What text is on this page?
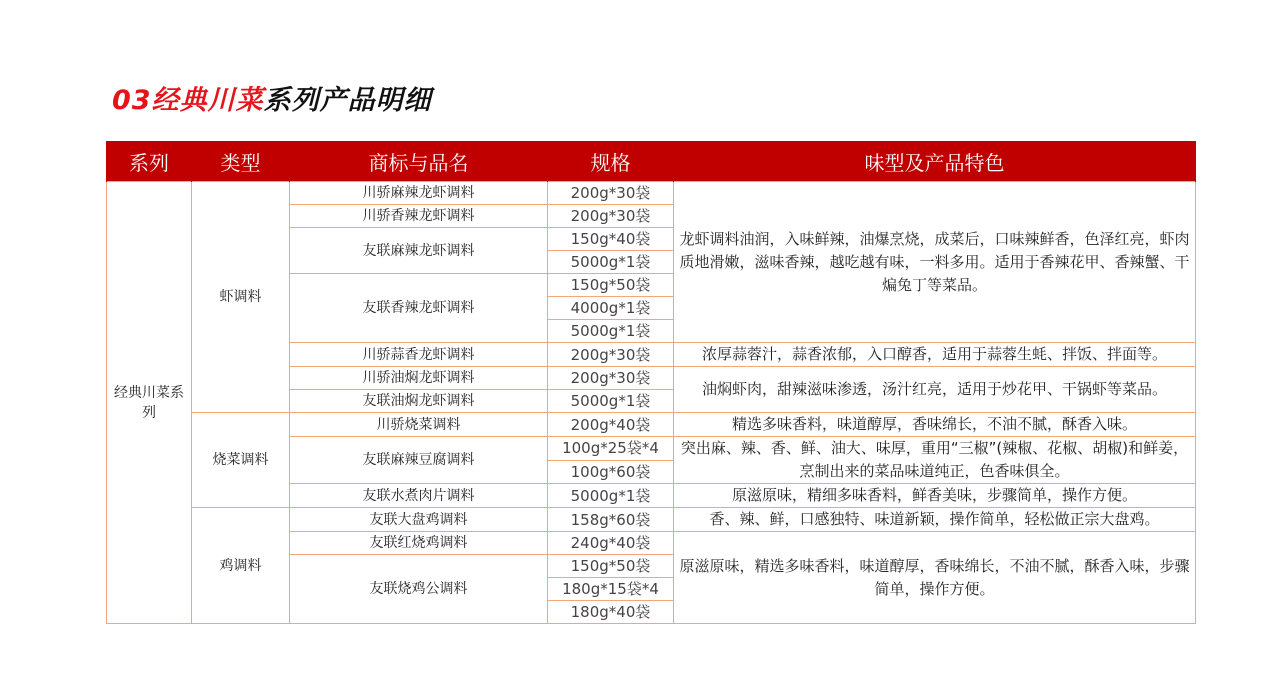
03经典川菜系列产品明细
系列	类型	商标与品名	规格	味型及产品特色
经典川菜系列	虾调料	川骄麻辣龙虾调料	200g*30袋	龙虾调料油润，入味鲜辣，油爆烹烧，成菜后，口味辣鲜香，色泽红亮，虾肉质地滑嫩，滋味香辣，越吃越有味，一料多用。适用于香辣花甲、香辣蟹、干煸兔丁等菜品。
		川骄香辣龙虾调料	200g*30袋	
		友联麻辣龙虾调料	150g*40袋	
			5000g*1袋	
		友联香辣龙虾调料	150g*50袋	
			4000g*1袋	
			5000g*1袋	
		川骄蒜香龙虾调料	200g*30袋	浓厚蒜蓉汁，蒜香浓郁，入口醇香，适用于蒜蓉生蚝、拌饭、拌面等。
		川骄油焖龙虾调料	200g*30袋	油焖虾肉，甜辣滋味渗透，汤汁红亮，适用于炒花甲、干锅虾等菜品。
		友联油焖龙虾调料	5000g*1袋	
	烧菜调料	川骄烧菜调料	200g*40袋	精选多味香料，味道醇厚，香味绵长，不油不腻，酥香入味。
		友联麻辣豆腐调料	100g*25袋*4	突出麻、辣、香、鲜、油大、味厚，重用“三椒”(辣椒、花椒、胡椒)和鲜姜，烹制出来的菜品味道纯正，色香味俱全。
			100g*60袋	
		友联水煮肉片调料	5000g*1袋	原滋原味，精细多味香料，鲜香美味，步骤简单，操作方便。
	鸡调料	友联大盘鸡调料	158g*60袋	香、辣、鲜，口感独特、味道新颖，操作简单，轻松做正宗大盘鸡。
		友联红烧鸡调料	240g*40袋	原滋原味，精选多味香料，味道醇厚，香味绵长，不油不腻，酥香入味，步骤简单，操作方便。
		友联烧鸡公调料	150g*50袋	
			180g*15袋*4	
			180g*40袋	
